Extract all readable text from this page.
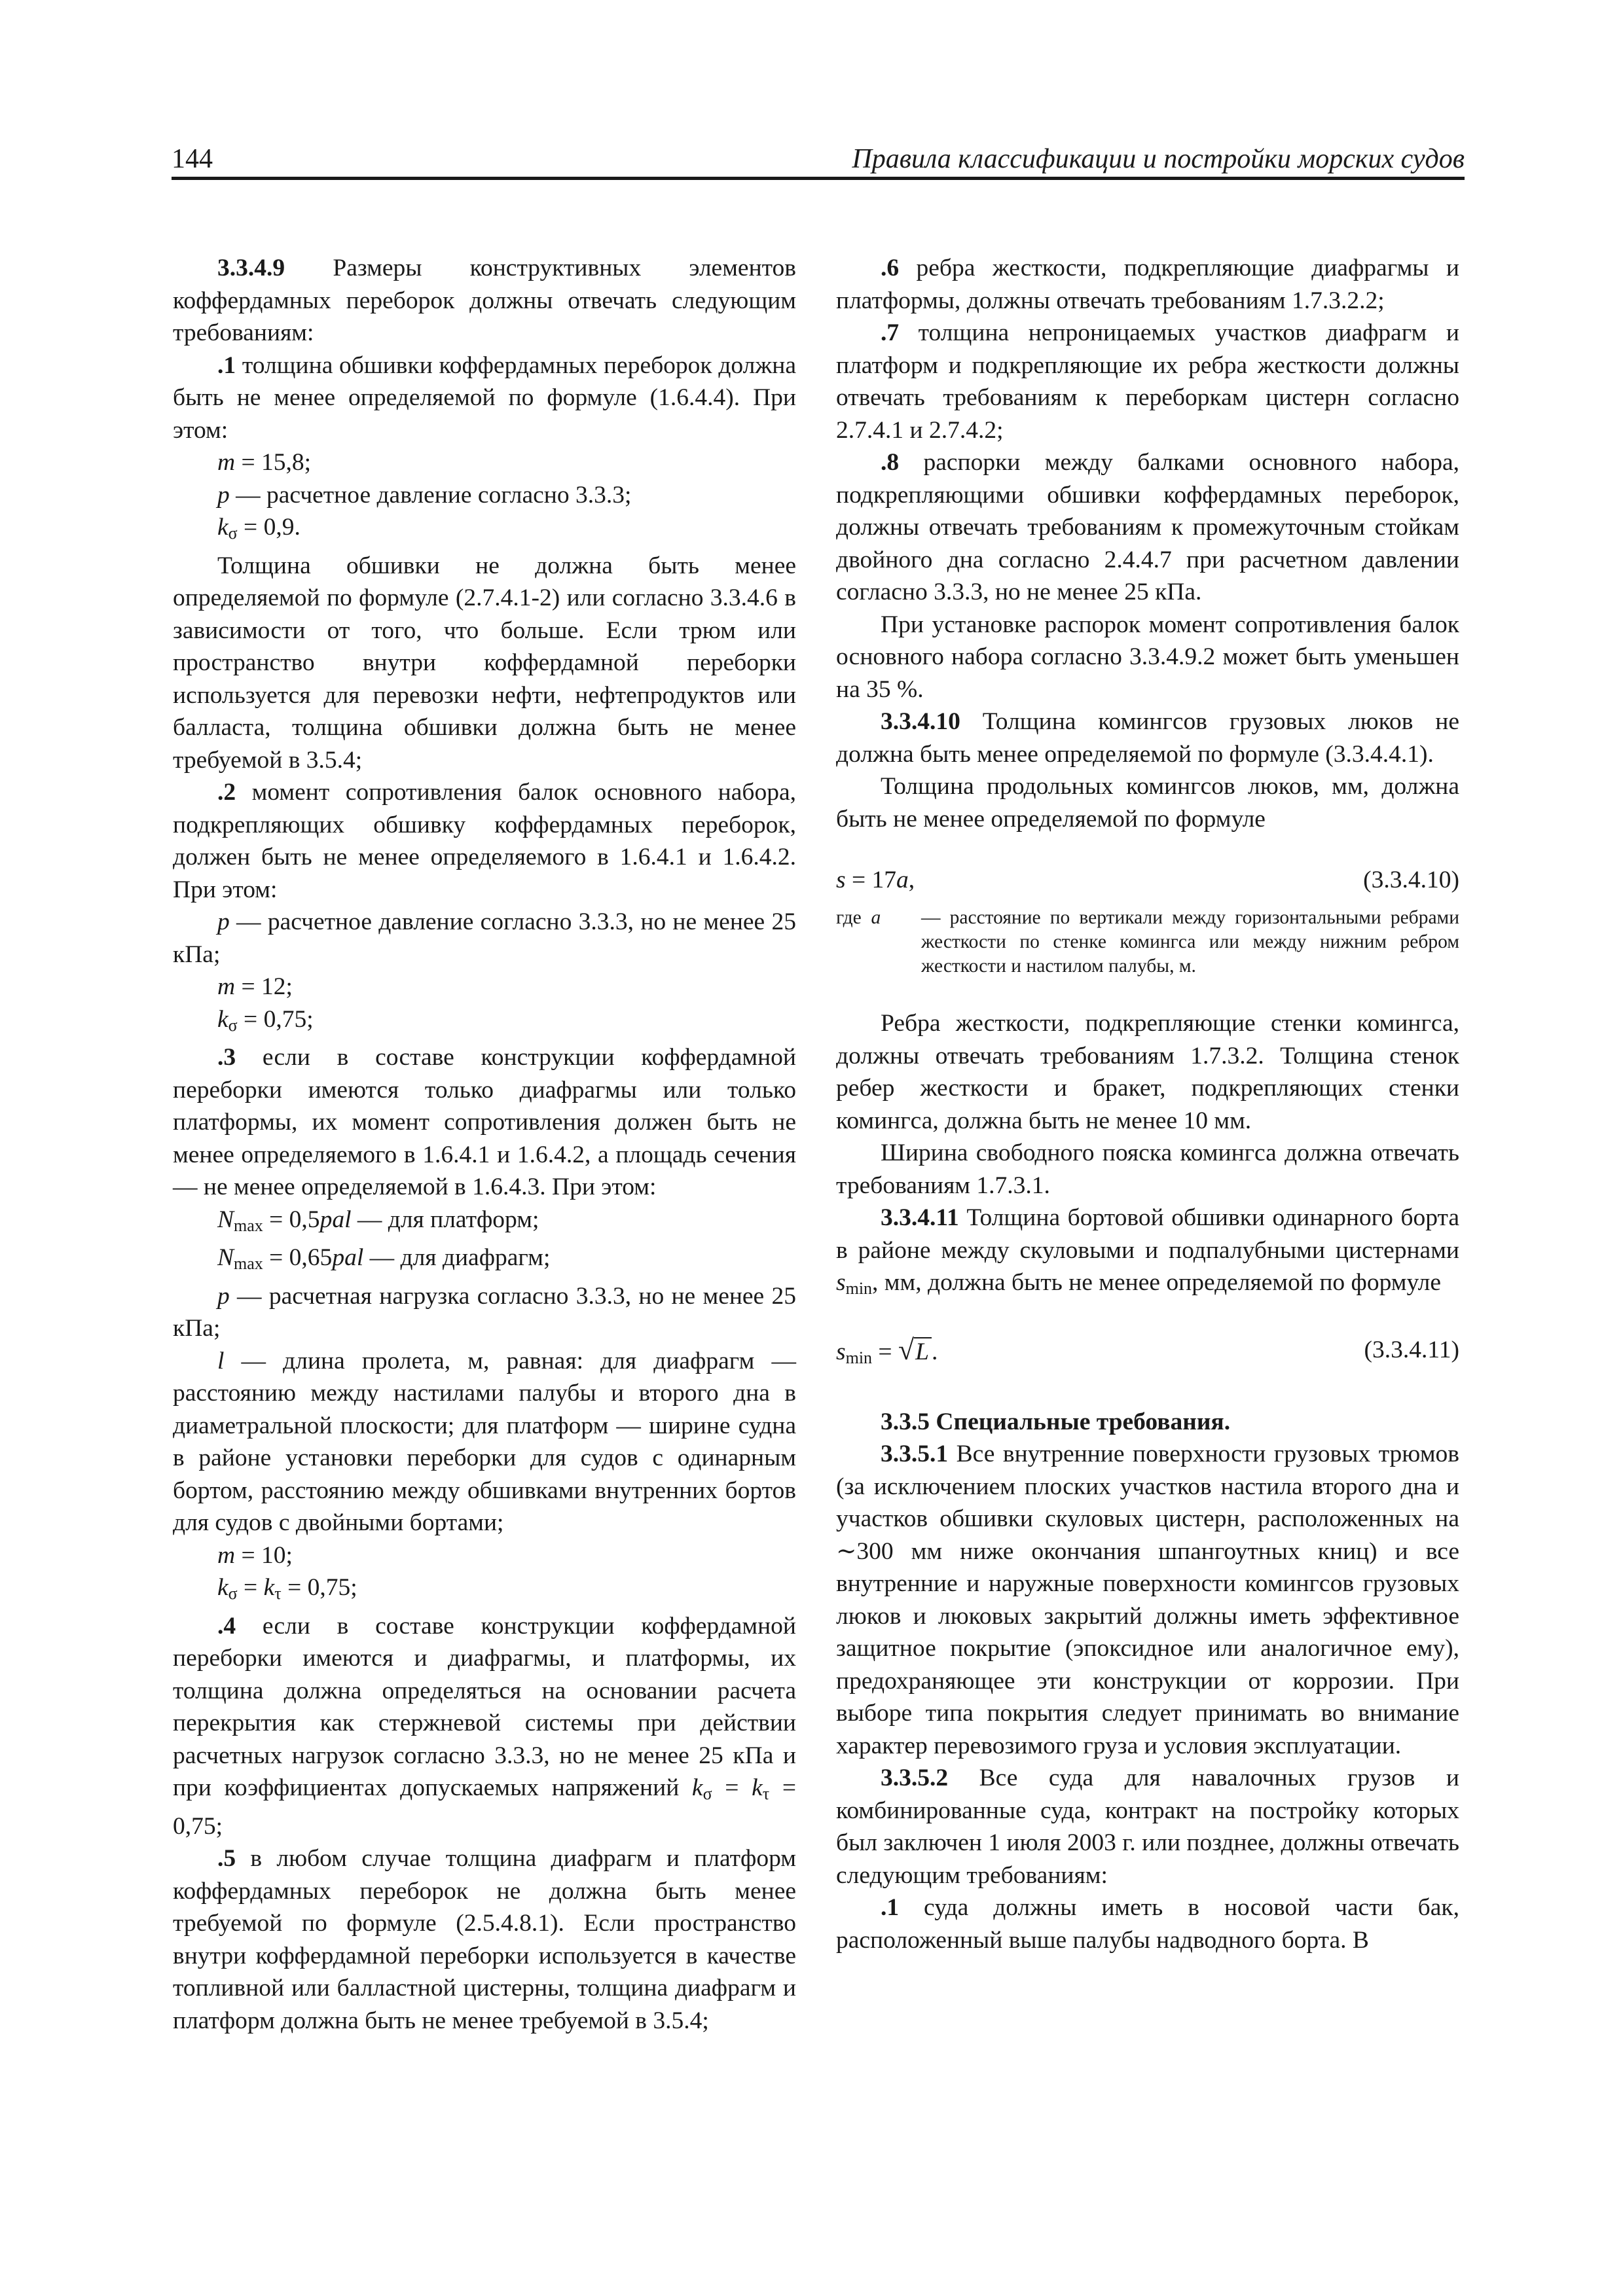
144	Правила классификации и постройки морских судов

3.3.4.9 Размеры конструктивных элементов коффердамных переборок должны отвечать следующим требованиям:

.1 толщина обшивки коффердамных переборок должна быть не менее определяемой по формуле (1.6.4.4). При этом:

m = 15,8;

p — расчетное давление согласно 3.3.3;

$k_\sigma = 0,9$.

Толщина обшивки не должна быть менее определяемой по формуле (2.7.4.1-2) или согласно 3.3.4.6 в зависимости от того, что больше. Если трюм или пространство внутри коффердамной переборки используется для перевозки нефти, нефтепродуктов или балласта, толщина обшивки должна быть не менее требуемой в 3.5.4;

.2 момент сопротивления балок основного набора, подкрепляющих обшивку коффердамных переборок, должен быть не менее определяемого в 1.6.4.1 и 1.6.4.2. При этом:

p — расчетное давление согласно 3.3.3, но не менее 25 кПа;

m = 12;

$k_\sigma = 0,75$;

.3 если в составе конструкции коффердамной переборки имеются только диафрагмы или только платформы, их момент сопротивления должен быть не менее определяемого в 1.6.4.1 и 1.6.4.2, а площадь сечения — не менее определяемой в 1.6.4.3. При этом:

$N_{max} = 0,5pal$ — для платформ;

$N_{max} = 0,65pal$ — для диафрагм;

p — расчетная нагрузка согласно 3.3.3, но не менее 25 кПа;

l — длина пролета, м, равная: для диафрагм — расстоянию между настилами палубы и второго дна в диаметральной плоскости; для платформ — ширине судна в районе установки переборки для судов с одинарным бортом, расстоянию между обшивками внутренних бортов для судов с двойными бортами;

m = 10;

$k_\sigma = k_\tau = 0,75$;

.4 если в составе конструкции коффердамной переборки имеются и диафрагмы, и платформы, их толщина должна определяться на основании расчета перекрытия как стержневой системы при действии расчетных нагрузок согласно 3.3.3, но не менее 25 кПа и при коэффициентах допускаемых напряжений $k_\sigma = k_\tau = 0,75$;

.5 в любом случае толщина диафрагм и платформ коффердамных переборок не должна быть менее требуемой по формуле (2.5.4.8.1). Если пространство внутри коффердамной переборки используется в качестве топливной или балластной цистерны, толщина диафрагм и платформ должна быть не менее требуемой в 3.5.4;

.6 ребра жесткости, подкрепляющие диафрагмы и платформы, должны отвечать требованиям 1.7.3.2.2;

.7 толщина непроницаемых участков диафрагм и платформ и подкрепляющие их ребра жесткости должны отвечать требованиям к переборкам цистерн согласно 2.7.4.1 и 2.7.4.2;

.8 распорки между балками основного набора, подкрепляющими обшивки коффердамных переборок, должны отвечать требованиям к промежуточным стойкам двойного дна согласно 2.4.4.7 при расчетном давлении согласно 3.3.3, но не менее 25 кПа.

При установке распорок момент сопротивления балок основного набора согласно 3.3.4.9.2 может быть уменьшен на 35 %.

3.3.4.10 Толщина комингсов грузовых люков не должна быть менее определяемой по формуле (3.3.4.4.1).

Толщина продольных комингсов люков, мм, должна быть не менее определяемой по формуле

s = 17a,	(3.3.4.10)
где a	— расстояние по вертикали между горизонтальными ребрами жесткости по стенке комингса или между нижним ребром жесткости и настилом палубы, м.

Ребра жесткости, подкрепляющие стенки комингса, должны отвечать требованиям 1.7.3.2. Толщина стенок ребер жесткости и бракет, подкрепляющих стенки комингса, должна быть не менее 10 мм.

Ширина свободного пояска комингса должна отвечать требованиям 1.7.3.1.

3.3.4.11 Толщина бортовой обшивки одинарного борта в районе между скуловыми и подпалубными цистернами $s_{min}$, мм, должна быть не менее определяемой по формуле

$s_{min} = √L$ .	(3.3.4.11)

3.3.5 Специальные требования.

3.3.5.1 Все внутренние поверхности грузовых трюмов (за исключением плоских участков настила второго дна и участков обшивки скуловых цистерн, расположенных на ∼300 мм ниже окончания шпангоутных книц) и все внутренние и наружные поверхности комингсов грузовых люков и люковых закрытий должны иметь эффективное защитное покрытие (эпоксидное или аналогичное ему), предохраняющее эти конструкции от коррозии. При выборе типа покрытия следует принимать во внимание характер перевозимого груза и условия эксплуатации.

3.3.5.2 Все суда для навалочных грузов и комбинированные суда, контракт на постройку которых был заключен 1 июля 2003 г. или позднее, должны отвечать следующим требованиям:

.1 суда должны иметь в носовой части бак, расположенный выше палубы надводного борта. В
